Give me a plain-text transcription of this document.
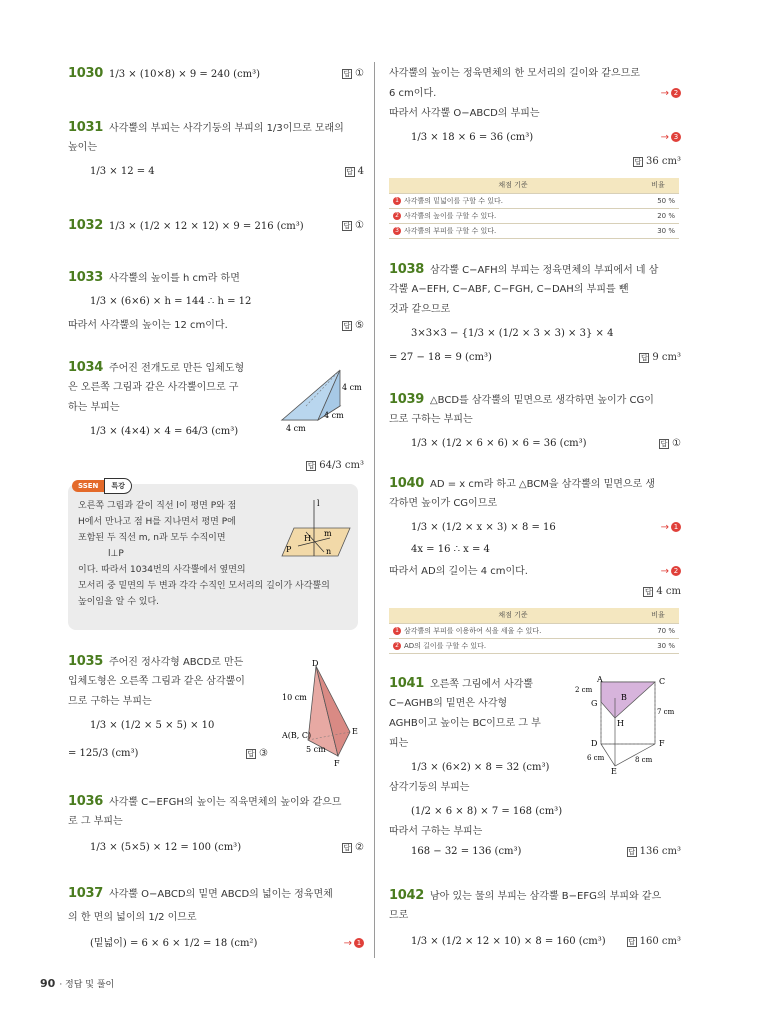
1030 1/3 × (10×8) × 9 = 240 (cm³)	답 ①
1031 사각뿔의 부피는 사각기둥의 부피의 1/3이므로 모래의
높이는
1/3 × 12 = 4	답 4
1032 1/3 × (1/2 × 12 × 12) × 9 = 216 (cm³)	답 ①
1033 사각뿔의 높이를 h cm라 하면
1/3 × (6×6) × h = 144 ∴ h = 12
따라서 사각뿔의 높이는 12 cm이다.	답 ⑤
1034 주어진 전개도로 만든 입체도형
은 오른쪽 그림과 같은 사각뿔이므로 구
하는 부피는
1/3 × (4×4) × 4 = 64/3 (cm³)
답 64/3 cm³
4 cm
4 cm
4 cm
SSEN	특강
오른쪽 그림과 같이 직선 l이 평면 P와 점
H에서 만나고 점 H를 지나면서 평면 P에
포함된 두 직선 m, n과 모두 수직이면
l⊥P
이다. 따라서 1034번의 사각뿔에서 옆면의
모서리 중 밑면의 두 변과 각각 수직인 모서리의 길이가 사각뿔의
높이임을 알 수 있다.
l
H
m
n
P
1035 주어진 정사각형 ABCD로 만든
입체도형은 오른쪽 그림과 같은 삼각뿔이
므로 구하는 부피는
1/3 × (1/2 × 5 × 5) × 10
= 125/3 (cm³)	답 ③
D
10 cm
A(B, C)	E
F
5 cm
1036 사각뿔 C−EFGH의 높이는 직육면체의 높이와 같으므
로 그 부피는
1/3 × (5×5) × 12 = 100 (cm³)	답 ②
1037 사각뿔 O−ABCD의 밑면 ABCD의 넓이는 정육면체
의 한 면의 넓이의 1/2 이므로
(밑넓이) = 6 × 6 × 1/2 = 18 (cm²)	→ 1
사각뿔의 높이는 정육면체의 한 모서리의 길이와 같으므로
6 cm이다.	→ 2
따라서 사각뿔 O−ABCD의 부피는
1/3 × 18 × 6 = 36 (cm³)	→ 3
답 36 cm³
채점 기준	비율
1 사각뿔의 밑넓이를 구할 수 있다.	50 %
2 사각뿔의 높이를 구할 수 있다.	20 %
3 사각뿔의 부피를 구할 수 있다.	30 %
1038 삼각뿔 C−AFH의 부피는 정육면체의 부피에서 네 삼
각뿔 A−EFH, C−ABF, C−FGH, C−DAH의 부피를 뺀
것과 같으므로
3×3×3 − {1/3 × (1/2 × 3 × 3) × 3} × 4
= 27 − 18 = 9 (cm³)	답 9 cm³
1039 △BCD를 삼각뿔의 밑면으로 생각하면 높이가 CG이
므로 구하는 부피는
1/3 × (1/2 × 6 × 6) × 6 = 36 (cm³)	답 ①
1040 AD = x cm라 하고 △BCM을 삼각뿔의 밑면으로 생
각하면 높이가 CG이므로
1/3 × (1/2 × x × 3) × 8 = 16	→ 1
4x = 16 ∴ x = 4
따라서 AD의 길이는 4 cm이다.	→ 2
답 4 cm
채점 기준	비율
1 삼각뿔의 부피를 이용하여 식을 세울 수 있다.	70 %
2 AD의 길이를 구할 수 있다.	30 %
1041 오른쪽 그림에서 사각뿔
C−AGHB의 밑면은 사각형
AGHB이고 높이는 BC이므로 그 부
피는
1/3 × (6×2) × 8 = 32 (cm³)
삼각기둥의 부피는
(1/2 × 6 × 8) × 7 = 168 (cm³)
따라서 구하는 부피는
168 − 32 = 136 (cm³)	답 136 cm³
A
B
C
G
H
D	F
E
2 cm
7 cm
6 cm	8 cm
1042 남아 있는 물의 부피는 삼각뿔 B−EFG의 부피와 같으
므로
1/3 × (1/2 × 12 × 10) × 8 = 160 (cm³)	답 160 cm³
90 · 정답 및 풀이
